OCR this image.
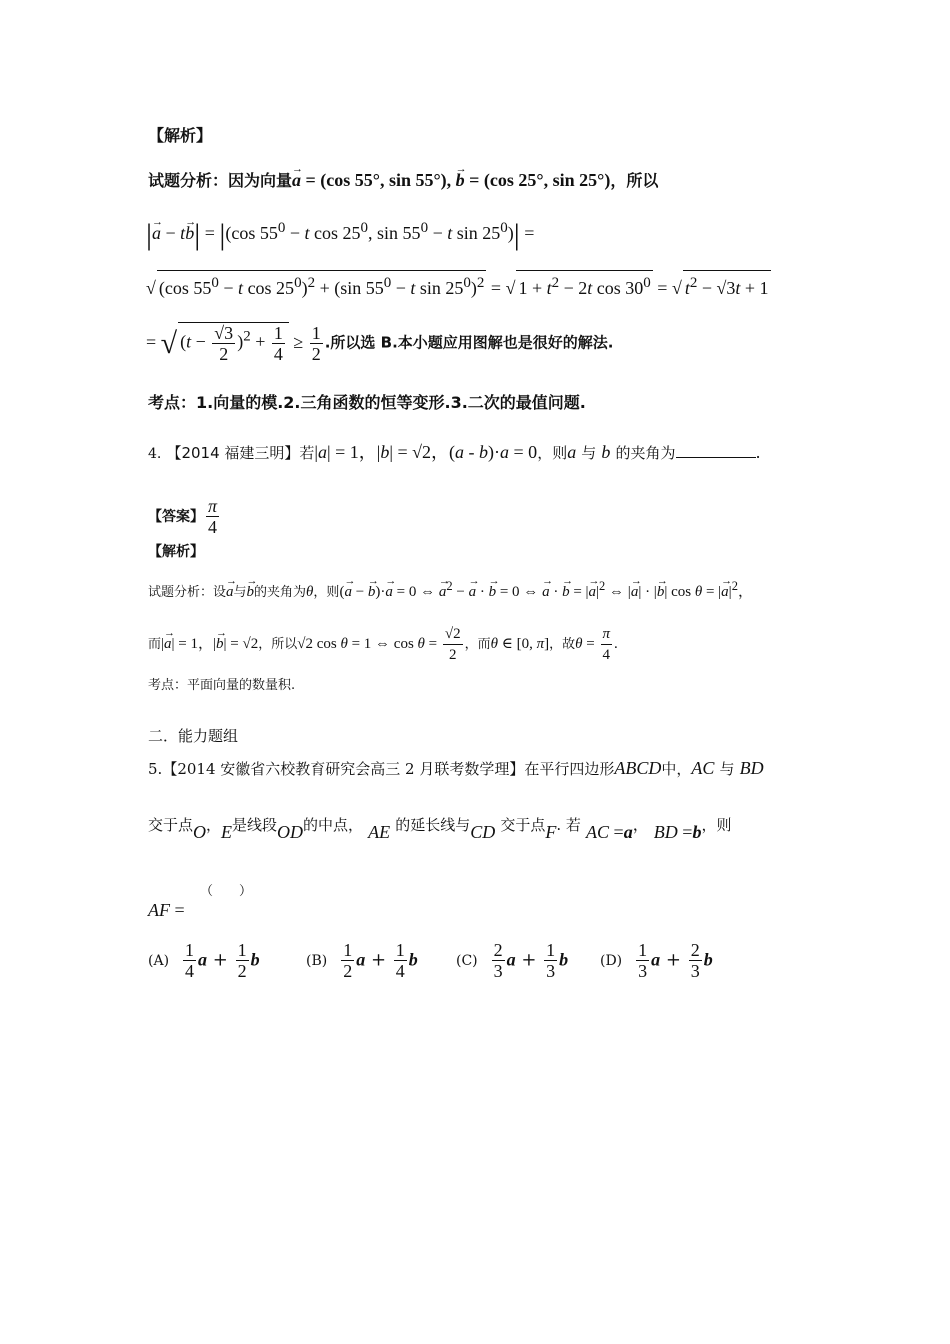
【解析】
试题分析：因为向量→ a = (cos 55°, sin 55°), → b = (cos 25°, sin 25°)，所以
|→ a − t→ b| = |(cos $55^0 - t$ $\cos 25^0$, $\sin 55^0 - t$ $\sin 25^0)|$ =
√ (cos $55^0 - t$ $\cos 25^0)^2 + (\sin$ $55^0 - t$ $\sin 25^0)^2$ = √ $1 + t^2 - 2t$ $\cos 30^0$ = √ $t^2 - √3t + 1$
= √ $(t - \frac{√3}{2} )^2 + \frac{1}{4} \ge \frac{1}{2}$ .所以选 B.本小题应用图解也是很好的解法.
考点：1.向量的模.2.三角函数的恒等变形.3.二次的最值问题.
4. 【2014 福建三明】若|a| = 1，|b| = √2，(a - b)·a = 0，则a 与 b 的夹角为	.
【答案】 $\frac{\pi}{4}$
【解析】
试题分析：设→ a与→ b的夹角为θ，则(→ a − → b)·→ a = 0 ⇔ → $a^2$ − → a · → b = 0 ⇔ → a · → b = |→ $a|^2$ ⇔ |→ a| · |→ b| cos θ = |→ $a|^2$，
而|→ a| = 1，|→ b| = √2，所以√2 cos θ = 1 ⇔ $\cos \theta = \frac{√2}{2}$ ，而θ ∈ [0, π]，故$\theta = \frac{\pi}{4}$ .
考点：平面向量的数量积.
二．能力题组
5.【2014 安徽省六校教育研究会高三 2 月联考数学理】在平行四边形ABCD中，AC 与 BD
交于点O，E是线段OD的中点， AE 的延长线与CD 交于点F. 若 AC =a， BD =b，则
（　　）
AF =
$(A) \frac{1}{4}$ $a + \frac{1}{2}$ b	$(B) \frac{1}{2}$ $a + \frac{1}{4}$ b	$(C) \frac{2}{3}$ $a + \frac{1}{3}$ b $(D) \frac{1}{3}$ $a + \frac{2}{3}$ b
